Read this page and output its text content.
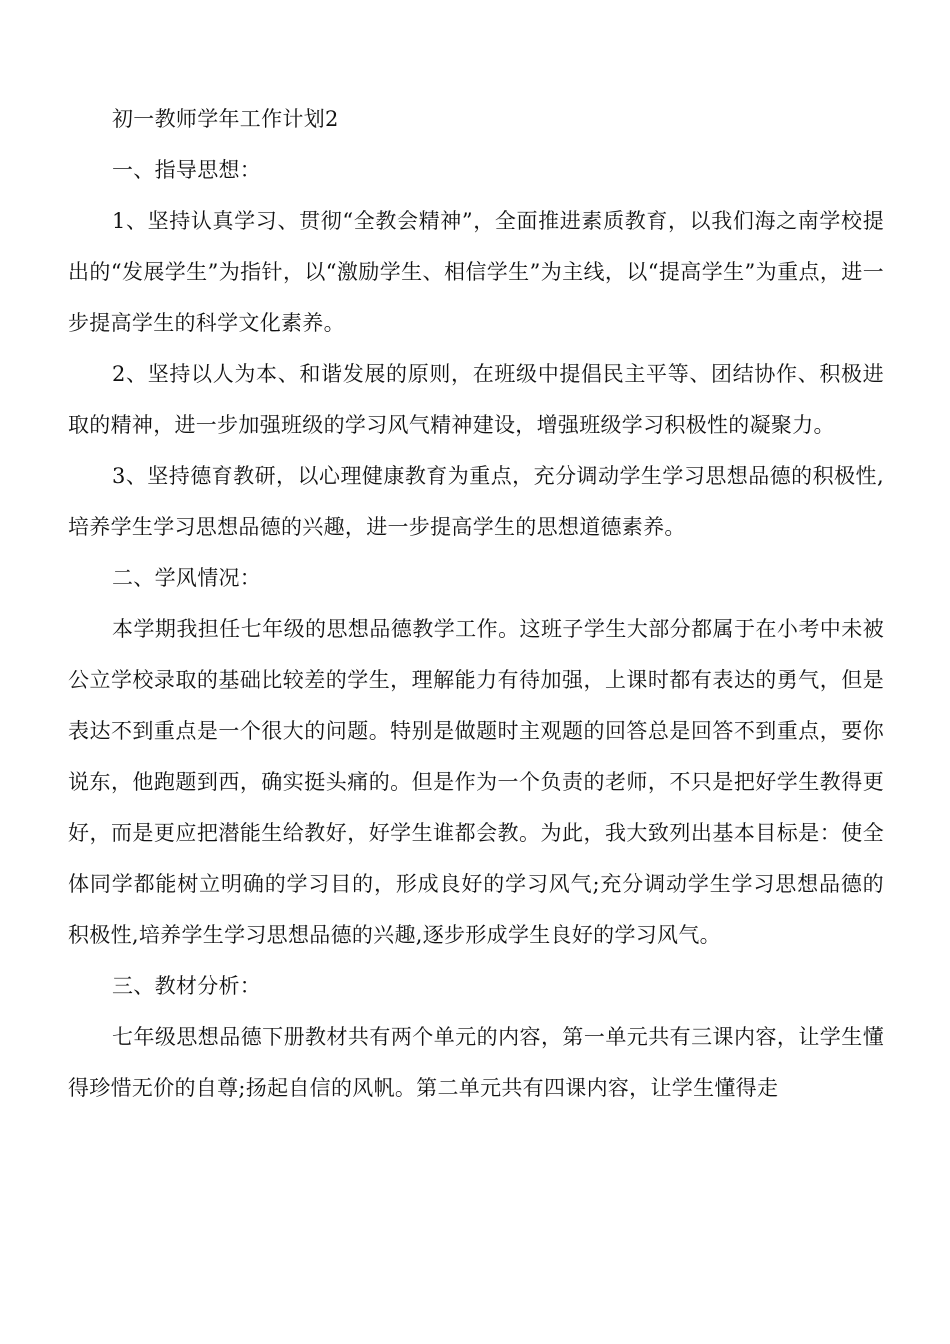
初一教师学年工作计划2

一、指导思想：

1、坚持认真学习、贯彻“全教会精神”，全面推进素质教育，以我们海之南学校提出的“发展学生”为指针，以“激励学生、相信学生”为主线，以“提高学生”为重点，进一步提高学生的科学文化素养。

2、坚持以人为本、和谐发展的原则，在班级中提倡民主平等、团结协作、积极进取的精神，进一步加强班级的学习风气精神建设，增强班级学习积极性的凝聚力。

3、坚持德育教研，以心理健康教育为重点，充分调动学生学习思想品德的积极性,培养学生学习思想品德的兴趣，进一步提高学生的思想道德素养。

二、学风情况：

本学期我担任七年级的思想品德教学工作。这班子学生大部分都属于在小考中未被公立学校录取的基础比较差的学生，理解能力有待加强，上课时都有表达的勇气，但是表达不到重点是一个很大的问题。特别是做题时主观题的回答总是回答不到重点，要你说东，他跑题到西，确实挺头痛的。但是作为一个负责的老师，不只是把好学生教得更好，而是更应把潜能生给教好，好学生谁都会教。为此，我大致列出基本目标是：使全体同学都能树立明确的学习目的，形成良好的学习风气;充分调动学生学习思想品德的积极性,培养学生学习思想品德的兴趣,逐步形成学生良好的学习风气。

三、教材分析：

七年级思想品德下册教材共有两个单元的内容，第一单元共有三课内容，让学生懂得珍惜无价的自尊;扬起自信的风帆。第二单元共有四课内容，让学生懂得走
